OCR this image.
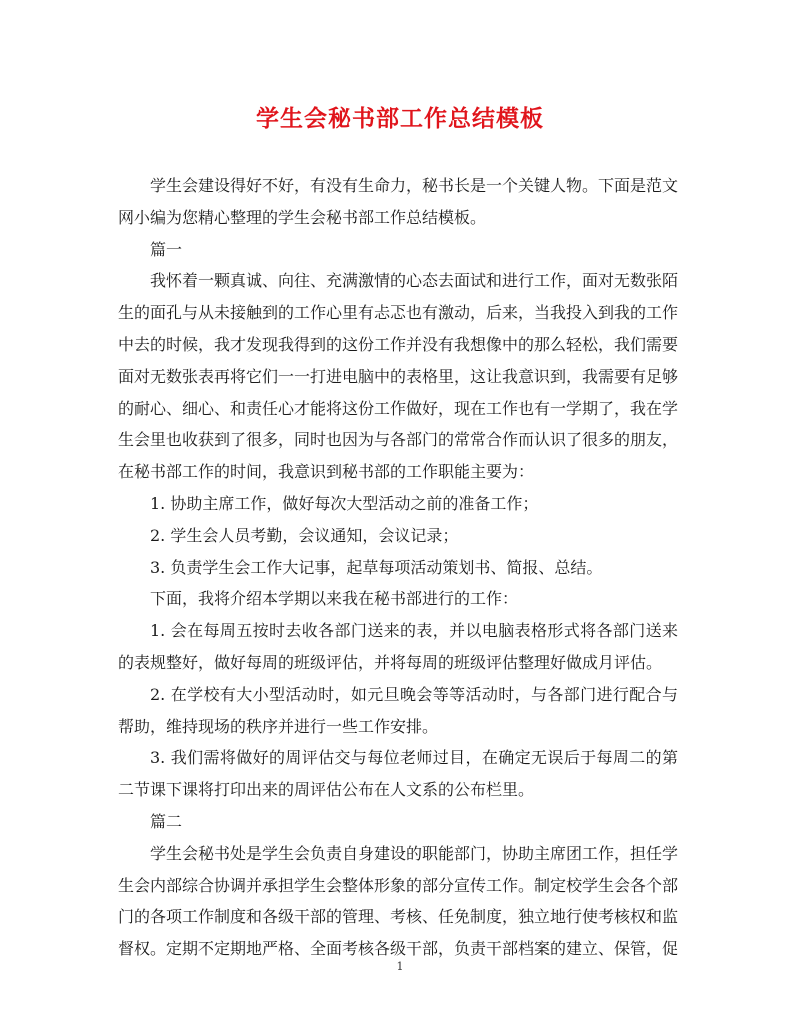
学生会秘书部工作总结模板

学生会建设得好不好，有没有生命力，秘书长是一个关键人物。下面是范文网小编为您精心整理的学生会秘书部工作总结模板。

篇一

我怀着一颗真诚、向往、充满激情的心态去面试和进行工作，面对无数张陌生的面孔与从未接触到的工作心里有忐忑也有激动，后来，当我投入到我的工作中去的时候，我才发现我得到的这份工作并没有我想像中的那么轻松，我们需要面对无数张表再将它们一一打进电脑中的表格里，这让我意识到，我需要有足够的耐心、细心、和责任心才能将这份工作做好，现在工作也有一学期了，我在学生会里也收获到了很多，同时也因为与各部门的常常合作而认识了很多的朋友，在秘书部工作的时间，我意识到秘书部的工作职能主要为：

1. 协助主席工作，做好每次大型活动之前的准备工作；

2. 学生会人员考勤，会议通知，会议记录；

3. 负责学生会工作大记事，起草每项活动策划书、简报、总结。

下面，我将介绍本学期以来我在秘书部进行的工作：

1. 会在每周五按时去收各部门送来的表，并以电脑表格形式将各部门送来的表规整好，做好每周的班级评估，并将每周的班级评估整理好做成月评估。

2. 在学校有大小型活动时，如元旦晚会等等活动时，与各部门进行配合与帮助，维持现场的秩序并进行一些工作安排。

3. 我们需将做好的周评估交与每位老师过目，在确定无误后于每周二的第二节课下课将打印出来的周评估公布在人文系的公布栏里。

篇二

学生会秘书处是学生会负责自身建设的职能部门，协助主席团工作，担任学生会内部综合协调并承担学生会整体形象的部分宣传工作。制定校学生会各个部门的各项工作制度和各级干部的管理、考核、任免制度，独立地行使考核权和监督权。定期不定期地严格、全面考核各级干部，负责干部档案的建立、保管，促

1
